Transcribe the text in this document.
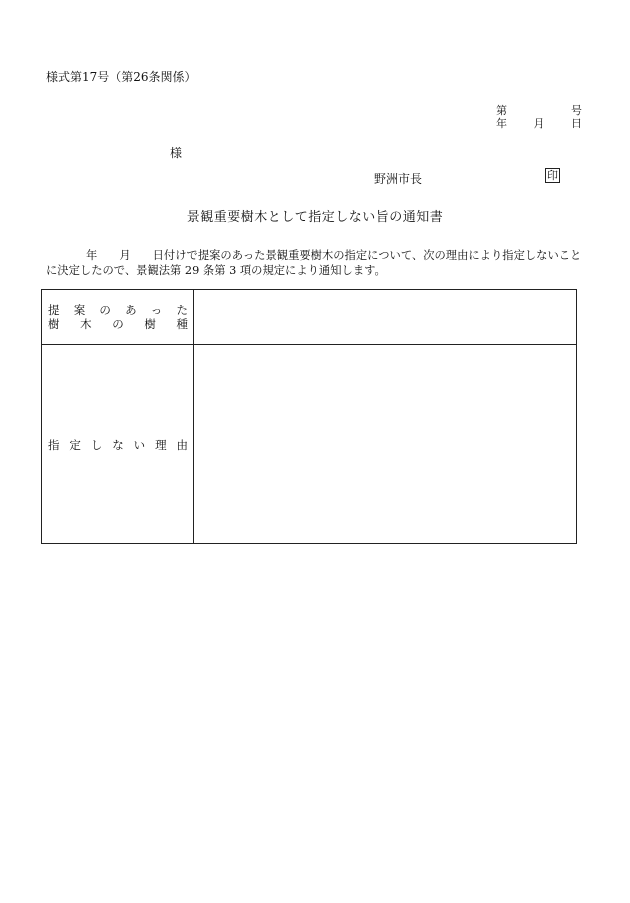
様式第17号（第26条関係）
第	号
年 月 日
様
野洲市長	印
景観重要樹木として指定しない旨の通知書
年 月 日付けで提案のあった景観重要樹木の指定について、次の理由により指定しないことに決定したので、景観法第 29 条第 3 項の規定により通知します。
提 案 の あ っ た
樹 木 の 樹 種
指 定 し な い 理 由
